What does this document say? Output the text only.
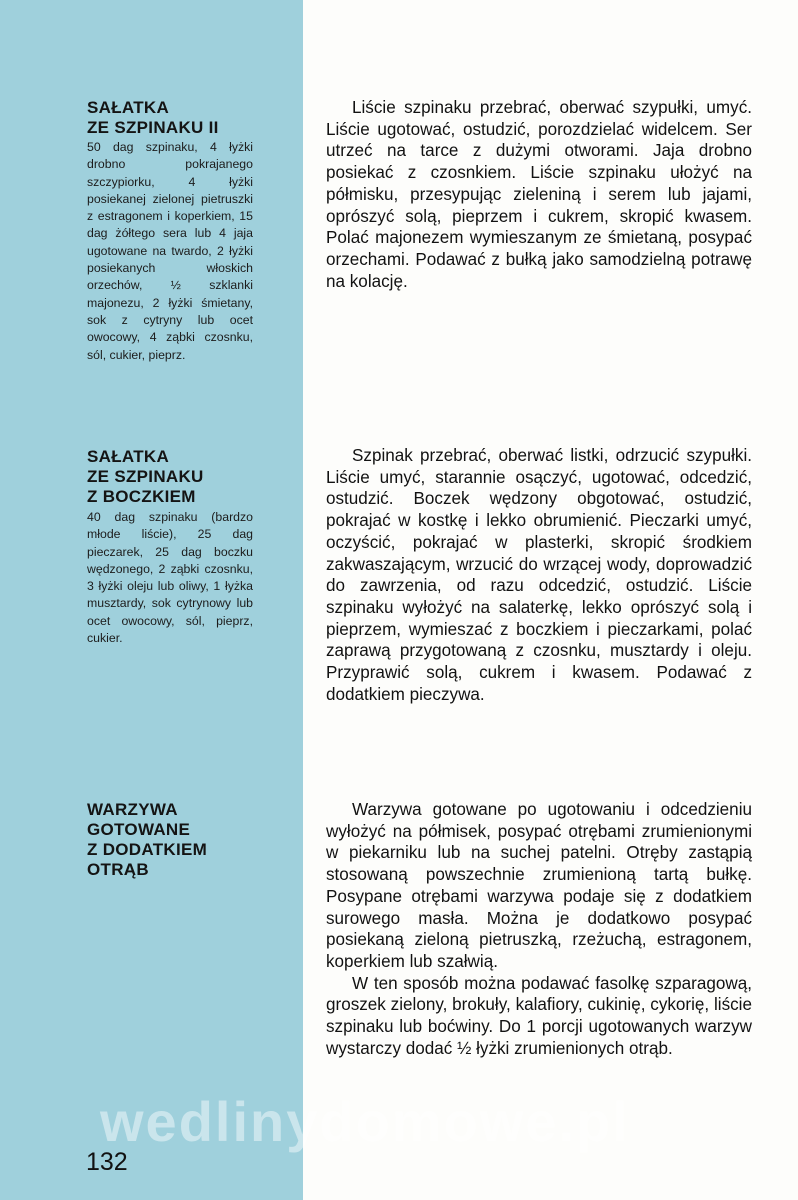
SAŁATKA
ZE SZPINAKU II

50 dag szpinaku, 4 łyżki drobno pokrajanego szczypiorku, 4 łyżki posiekanej zielonej pietruszki z estragonem i koperkiem, 15 dag żółtego sera lub 4 jaja ugotowane na twardo, 2 łyżki posiekanych włoskich orzechów, ½ szklanki majonezu, 2 łyżki śmietany, sok z cytryny lub ocet owocowy, 4 ząbki czosnku, sól, cukier, pieprz.

Liście szpinaku przebrać, oberwać szypułki, umyć. Liście ugotować, ostudzić, porozdzielać widelcem. Ser utrzeć na tarce z dużymi otworami. Jaja drobno posiekać z czosnkiem. Liście szpinaku ułożyć na półmisku, przesypując zieleniną i serem lub jajami, oprószyć solą, pieprzem i cukrem, skropić kwasem. Polać majonezem wymieszanym ze śmietaną, posypać orzechami. Podawać z bułką jako samodzielną potrawę na kolację.

SAŁATKA
ZE SZPINAKU
Z BOCZKIEM

40 dag szpinaku (bardzo młode liście), 25 dag pieczarek, 25 dag boczku wędzonego, 2 ząbki czosnku, 3 łyżki oleju lub oliwy, 1 łyżka musztardy, sok cytrynowy lub ocet owocowy, sól, pieprz, cukier.

Szpinak przebrać, oberwać listki, odrzucić szypułki. Liście umyć, starannie osączyć, ugotować, odcedzić, ostudzić. Boczek wędzony obgotować, ostudzić, pokrajać w kostkę i lekko obrumienić. Pieczarki umyć, oczyścić, pokrajać w plasterki, skropić środkiem zakwaszającym, wrzucić do wrzącej wody, doprowadzić do zawrzenia, od razu odcedzić, ostudzić. Liście szpinaku wyłożyć na salaterkę, lekko oprószyć solą i pieprzem, wymieszać z boczkiem i pieczarkami, polać zaprawą przygotowaną z czosnku, musztardy i oleju. Przyprawić solą, cukrem i kwasem. Podawać z dodatkiem pieczywa.

WARZYWA
GOTOWANE
Z DODATKIEM
OTRĄB

Warzywa gotowane po ugotowaniu i odcedzieniu wyłożyć na półmisek, posypać otrębami zrumienionymi w piekarniku lub na suchej patelni. Otręby zastąpią stosowaną powszechnie zrumienioną tartą bułkę. Posypane otrębami warzywa podaje się z dodatkiem surowego masła. Można je dodatkowo posypać posiekaną zieloną pietruszką, rzeżuchą, estragonem, koperkiem lub szałwią.

W ten sposób można podawać fasolkę szparagową, groszek zielony, brokuły, kalafiory, cukinię, cykorię, liście szpinaku lub boćwiny. Do 1 porcji ugotowanych warzyw wystarczy dodać ½ łyżki zrumienionych otrąb.

wedlinydomowe.pl
132
